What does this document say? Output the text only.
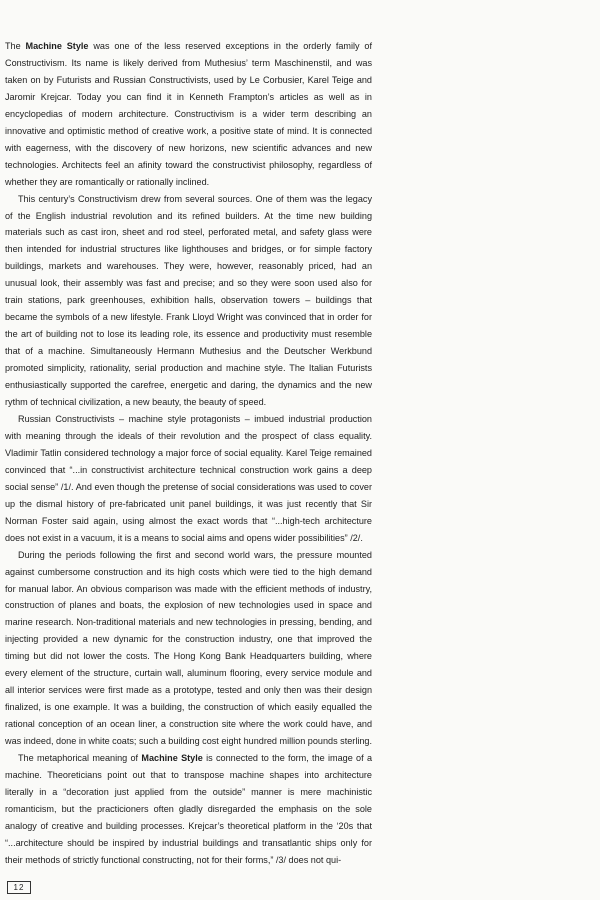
The Machine Style was one of the less reserved exceptions in the orderly family of Constructivism. Its name is likely derived from Muthesius’ term Maschinenstil, and was taken on by Futurists and Russian Constructivists, used by Le Corbusier, Karel Teige and Jaromir Krejcar. Today you can find it in Kenneth Frampton’s articles as well as in encyclopedias of modern architecture. Constructivism is a wider term describing an innovative and optimistic method of creative work, a positive state of mind. It is connected with eagerness, with the discovery of new horizons, new scientific advances and new technologies. Architects feel an afinity toward the constructivist philosophy, regardless of whether they are romantically or rationally inclined.

This century’s Constructivism drew from several sources. One of them was the legacy of the English industrial revolution and its refined builders. At the time new building materials such as cast iron, sheet and rod steel, perforated metal, and safety glass were then intended for industrial structures like lighthouses and bridges, or for simple factory buildings, markets and warehouses. They were, however, reasonably priced, had an unusual look, their assembly was fast and precise; and so they were soon used also for train stations, park greenhouses, exhibition halls, observation towers – buildings that became the symbols of a new lifestyle. Frank Lloyd Wright was convinced that in order for the art of building not to lose its leading role, its essence and productivity must resemble that of a machine. Simultaneously Hermann Muthesius and the Deutscher Werkbund promoted simplicity, rationality, serial production and machine style. The Italian Futurists enthusiastically supported the carefree, energetic and daring, the dynamics and the new rythm of technical civilization, a new beauty, the beauty of speed.

Russian Constructivists – machine style protagonists – imbued industrial production with meaning through the ideals of their revolution and the prospect of class equality. Vladimir Tatlin considered technology a major force of social equality. Karel Teige remained convinced that “...in constructivist architecture technical construction work gains a deep social sense” /1/. And even though the pretense of social considerations was used to cover up the dismal history of pre-fabricated unit panel buildings, it was just recently that Sir Norman Foster said again, using almost the exact words that “...high-tech architecture does not exist in a vacuum, it is a means to social aims and opens wider possibilities” /2/.

During the periods following the first and second world wars, the pressure mounted against cumbersome construction and its high costs which were tied to the high demand for manual labor. An obvious comparison was made with the efficient methods of industry, construction of planes and boats, the explosion of new technologies used in space and marine research. Non-traditional materials and new technologies in pressing, bending, and injecting provided a new dynamic for the construction industry, one that improved the timing but did not lower the costs. The Hong Kong Bank Headquarters building, where every element of the structure, curtain wall, aluminum flooring, every service module and all interior services were first made as a prototype, tested and only then was their design finalized, is one example. It was a building, the construction of which easily equalled the rational conception of an ocean liner, a construction site where the work could have, and was indeed, done in white coats; such a building cost eight hundred million pounds sterling.

The metaphorical meaning of Machine Style is connected to the form, the image of a machine. Theoreticians point out that to transpose machine shapes into architecture literally in a “decoration just applied from the outside” manner is mere machinistic romanticism, but the practicioners often gladly disregarded the emphasis on the sole analogy of creative and building processes. Krejcar’s theoretical platform in the ‘20s that “...architecture should be inspired by industrial buildings and transatlantic ships only for their methods of strictly functional constructing, not for their forms,” /3/ does not qui-

12
